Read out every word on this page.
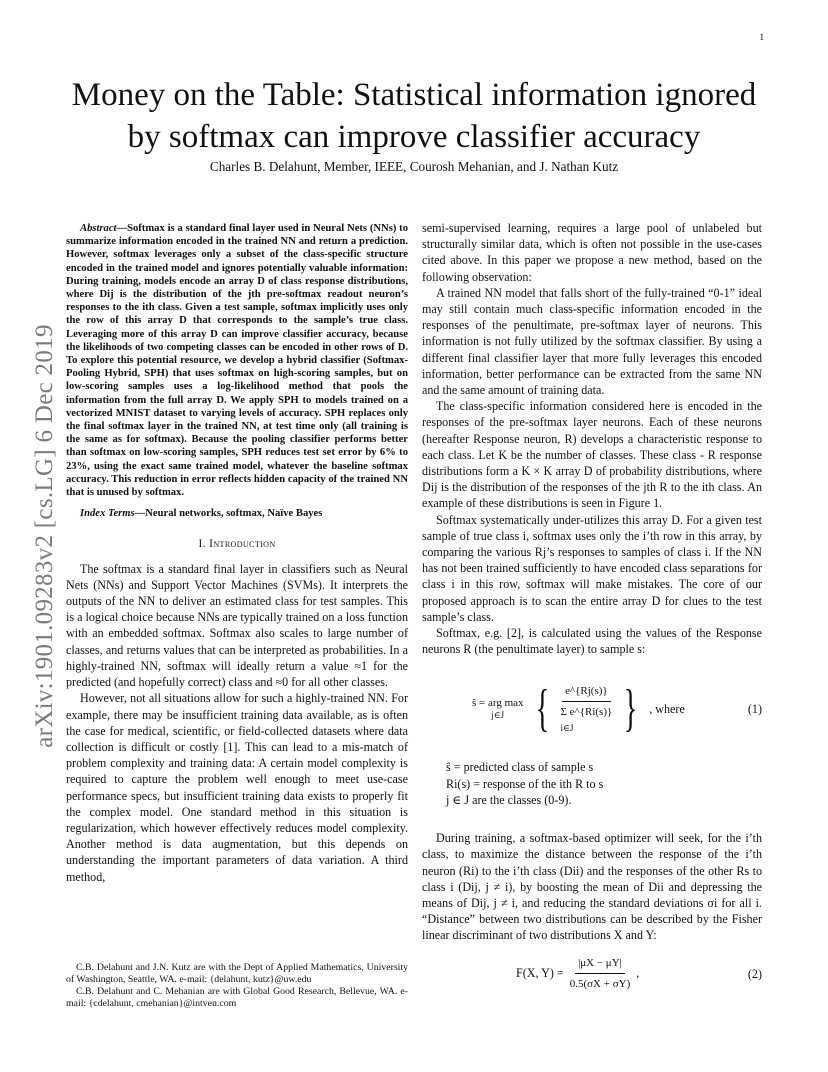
1
arXiv:1901.09283v2 [cs.LG] 6 Dec 2019
Money on the Table: Statistical information ignored by softmax can improve classifier accuracy
Charles B. Delahunt, Member, IEEE, Courosh Mehanian, and J. Nathan Kutz

Abstract—Softmax is a standard final layer used in Neural Nets (NNs) to summarize information encoded in the trained NN and return a prediction. However, softmax leverages only a subset of the class-specific structure encoded in the trained model and ignores potentially valuable information: During training, models encode an array D of class response distributions, where Dij is the distribution of the jth pre-softmax readout neuron’s responses to the ith class. Given a test sample, softmax implicitly uses only the row of this array D that corresponds to the sample’s true class. Leveraging more of this array D can improve classifier accuracy, because the likelihoods of two competing classes can be encoded in other rows of D. To explore this potential resource, we develop a hybrid classifier (Softmax-Pooling Hybrid, SPH) that uses softmax on high-scoring samples, but on low-scoring samples uses a log-likelihood method that pools the information from the full array D. We apply SPH to models trained on a vectorized MNIST dataset to varying levels of accuracy. SPH replaces only the final softmax layer in the trained NN, at test time only (all training is the same as for softmax). Because the pooling classifier performs better than softmax on low-scoring samples, SPH reduces test set error by 6% to 23%, using the exact same trained model, whatever the baseline softmax accuracy. This reduction in error reflects hidden capacity of the trained NN that is unused by softmax.

Index Terms—Neural networks, softmax, Naïve Bayes

I. Introduction

The softmax is a standard final layer in classifiers such as Neural Nets (NNs) and Support Vector Machines (SVMs). It interprets the outputs of the NN to deliver an estimated class for test samples. This is a logical choice because NNs are typically trained on a loss function with an embedded softmax. Softmax also scales to large number of classes, and returns values that can be interpreted as probabilities. In a highly-trained NN, softmax will ideally return a value ≈1 for the predicted (and hopefully correct) class and ≈0 for all other classes.

However, not all situations allow for such a highly-trained NN. For example, there may be insufficient training data available, as is often the case for medical, scientific, or field-collected datasets where data collection is difficult or costly [1]. This can lead to a mis-match of problem complexity and training data: A certain model complexity is required to capture the problem well enough to meet use-case performance specs, but insufficient training data exists to properly fit the complex model. One standard method in this situation is regularization, which however effectively reduces model complexity. Another method is data augmentation, but this depends on understanding the important parameters of data variation. A third method,

C.B. Delahunt and J.N. Kutz are with the Dept of Applied Mathematics, University of Washington, Seattle, WA. e-mail: {delahunt, kutz}@uw.edu

C.B. Delahunt and C. Mehanian are with Global Good Research, Bellevue, WA. e-mail: {cdelahunt, cmehanian}@intven.com

semi-supervised learning, requires a large pool of unlabeled but structurally similar data, which is often not possible in the use-cases cited above. In this paper we propose a new method, based on the following observation:

A trained NN model that falls short of the fully-trained “0-1” ideal may still contain much class-specific information encoded in the responses of the penultimate, pre-softmax layer of neurons. This information is not fully utilized by the softmax classifier. By using a different final classifier layer that more fully leverages this encoded information, better performance can be extracted from the same NN and the same amount of training data.

The class-specific information considered here is encoded in the responses of the pre-softmax layer neurons. Each of these neurons (hereafter Response neuron, R) develops a characteristic response to each class. Let K be the number of classes. These class - R response distributions form a K × K array D of probability distributions, where Dij is the distribution of the responses of the jth R to the ith class. An example of these distributions is seen in Figure 1.

Softmax systematically under-utilizes this array D. For a given test sample of true class i, softmax uses only the i’th row in this array, by comparing the various Rj’s responses to samples of class i. If the NN has not been trained sufficiently to have encoded class separations for class i in this row, softmax will make mistakes. The core of our proposed approach is to scan the entire array D for clues to the test sample’s class.

Softmax, e.g. [2], is calculated using the values of the Response neurons R (the penultimate layer) to sample s:

ŝ = arg max
j∈J { e^{Rj(s)}
Σ e^{Ri(s)}
i∈J } , where	(1)
ŝ = predicted class of sample s
Ri(s) = response of the ith R to s
j ∈ J are the classes (0-9).

During training, a softmax-based optimizer will seek, for the i’th class, to maximize the distance between the response of the i’th neuron (Ri) to the i’th class (Dii) and the responses of the other Rs to class i (Dij, j ≠ i), by boosting the mean of Dii and depressing the means of Dij, j ≠ i, and reducing the standard deviations σi for all i. “Distance” between two distributions can be described by the Fisher linear discriminant of two distributions X and Y:

F(X, $Y) = \frac{|\mu X - \mu Y|}{0.5(\sigma X + \sigma Y)}$ ,	(2)
